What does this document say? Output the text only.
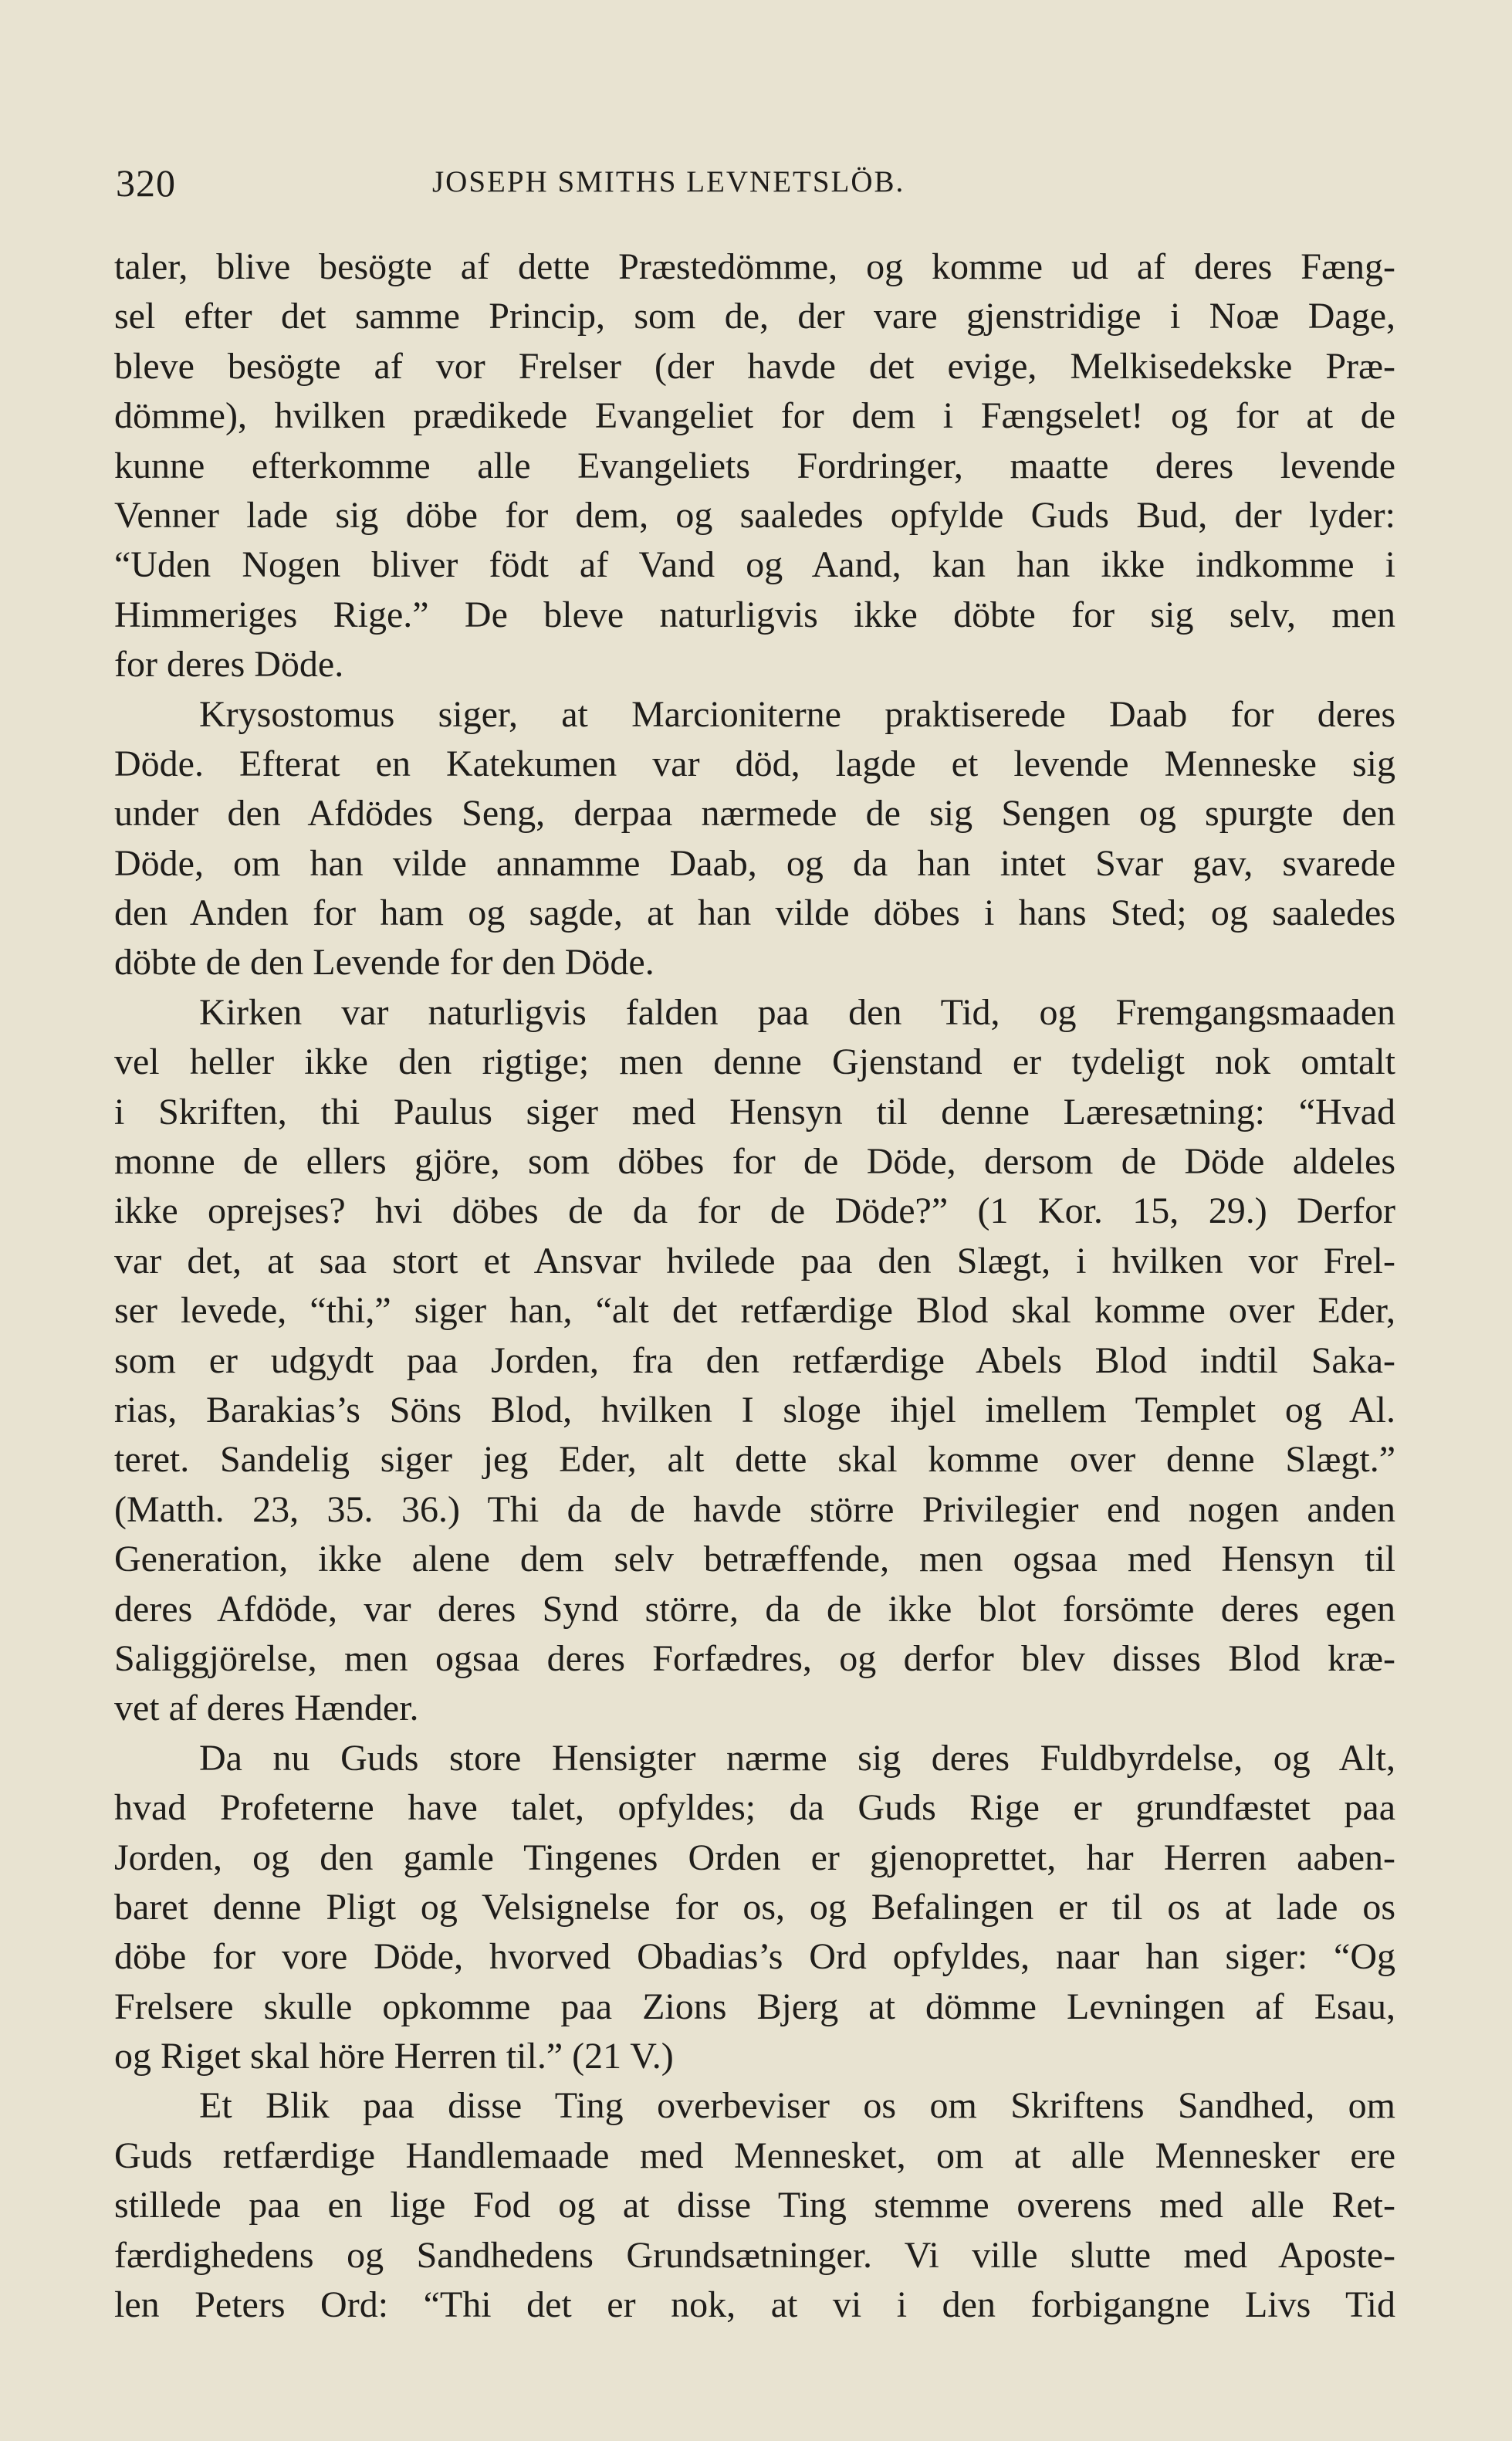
320	JOSEPH SMITHS LEVNETSLÖB.
taler, blive besögte af dette Præstedömme, og komme ud af deres Fæng-
sel efter det samme Princip, som de, der vare gjenstridige i Noæ Dage,
bleve besögte af vor Frelser (der havde det evige, Melkisedekske Præ-
dömme), hvilken prædikede Evangeliet for dem i Fængselet! og for at de
kunne efterkomme alle Evangeliets Fordringer, maatte deres levende
Venner lade sig döbe for dem, og saaledes opfylde Guds Bud, der lyder:
“Uden Nogen bliver födt af Vand og Aand, kan han ikke indkomme i
Himmeriges Rige.” De bleve naturligvis ikke döbte for sig selv, men
for deres Döde.
Krysostomus siger, at Marcioniterne praktiserede Daab for deres
Döde. Efterat en Katekumen var död, lagde et levende Menneske sig
under den Afdödes Seng, derpaa nærmede de sig Sengen og spurgte den
Döde, om han vilde annamme Daab, og da han intet Svar gav, svarede
den Anden for ham og sagde, at han vilde döbes i hans Sted; og saaledes
döbte de den Levende for den Döde.
Kirken var naturligvis falden paa den Tid, og Fremgangsmaaden
vel heller ikke den rigtige; men denne Gjenstand er tydeligt nok omtalt
i Skriften, thi Paulus siger med Hensyn til denne Læresætning: “Hvad
monne de ellers gjöre, som döbes for de Döde, dersom de Döde aldeles
ikke oprejses? hvi döbes de da for de Döde?” (1 Kor. 15, 29.) Derfor
var det, at saa stort et Ansvar hvilede paa den Slægt, i hvilken vor Frel-
ser levede, “thi,” siger han, “alt det retfærdige Blod skal komme over Eder,
som er udgydt paa Jorden, fra den retfærdige Abels Blod indtil Saka-
rias, Barakias’s Söns Blod, hvilken I sloge ihjel imellem Templet og Al.
teret. Sandelig siger jeg Eder, alt dette skal komme over denne Slægt.”
(Matth. 23, 35. 36.) Thi da de havde större Privilegier end nogen anden
Generation, ikke alene dem selv betræffende, men ogsaa med Hensyn til
deres Afdöde, var deres Synd större, da de ikke blot forsömte deres egen
Saliggjörelse, men ogsaa deres Forfædres, og derfor blev disses Blod kræ-
vet af deres Hænder.
Da nu Guds store Hensigter nærme sig deres Fuldbyrdelse, og Alt,
hvad Profeterne have talet, opfyldes; da Guds Rige er grundfæstet paa
Jorden, og den gamle Tingenes Orden er gjenoprettet, har Herren aaben-
baret denne Pligt og Velsignelse for os, og Befalingen er til os at lade os
döbe for vore Döde, hvorved Obadias’s Ord opfyldes, naar han siger: “Og
Frelsere skulle opkomme paa Zions Bjerg at dömme Levningen af Esau,
og Riget skal höre Herren til.” (21 V.)
Et Blik paa disse Ting overbeviser os om Skriftens Sandhed, om
Guds retfærdige Handlemaade med Mennesket, om at alle Mennesker ere
stillede paa en lige Fod og at disse Ting stemme overens med alle Ret-
færdighedens og Sandhedens Grundsætninger. Vi ville slutte med Aposte-
len Peters Ord: “Thi det er nok, at vi i den forbigangne Livs Tid
